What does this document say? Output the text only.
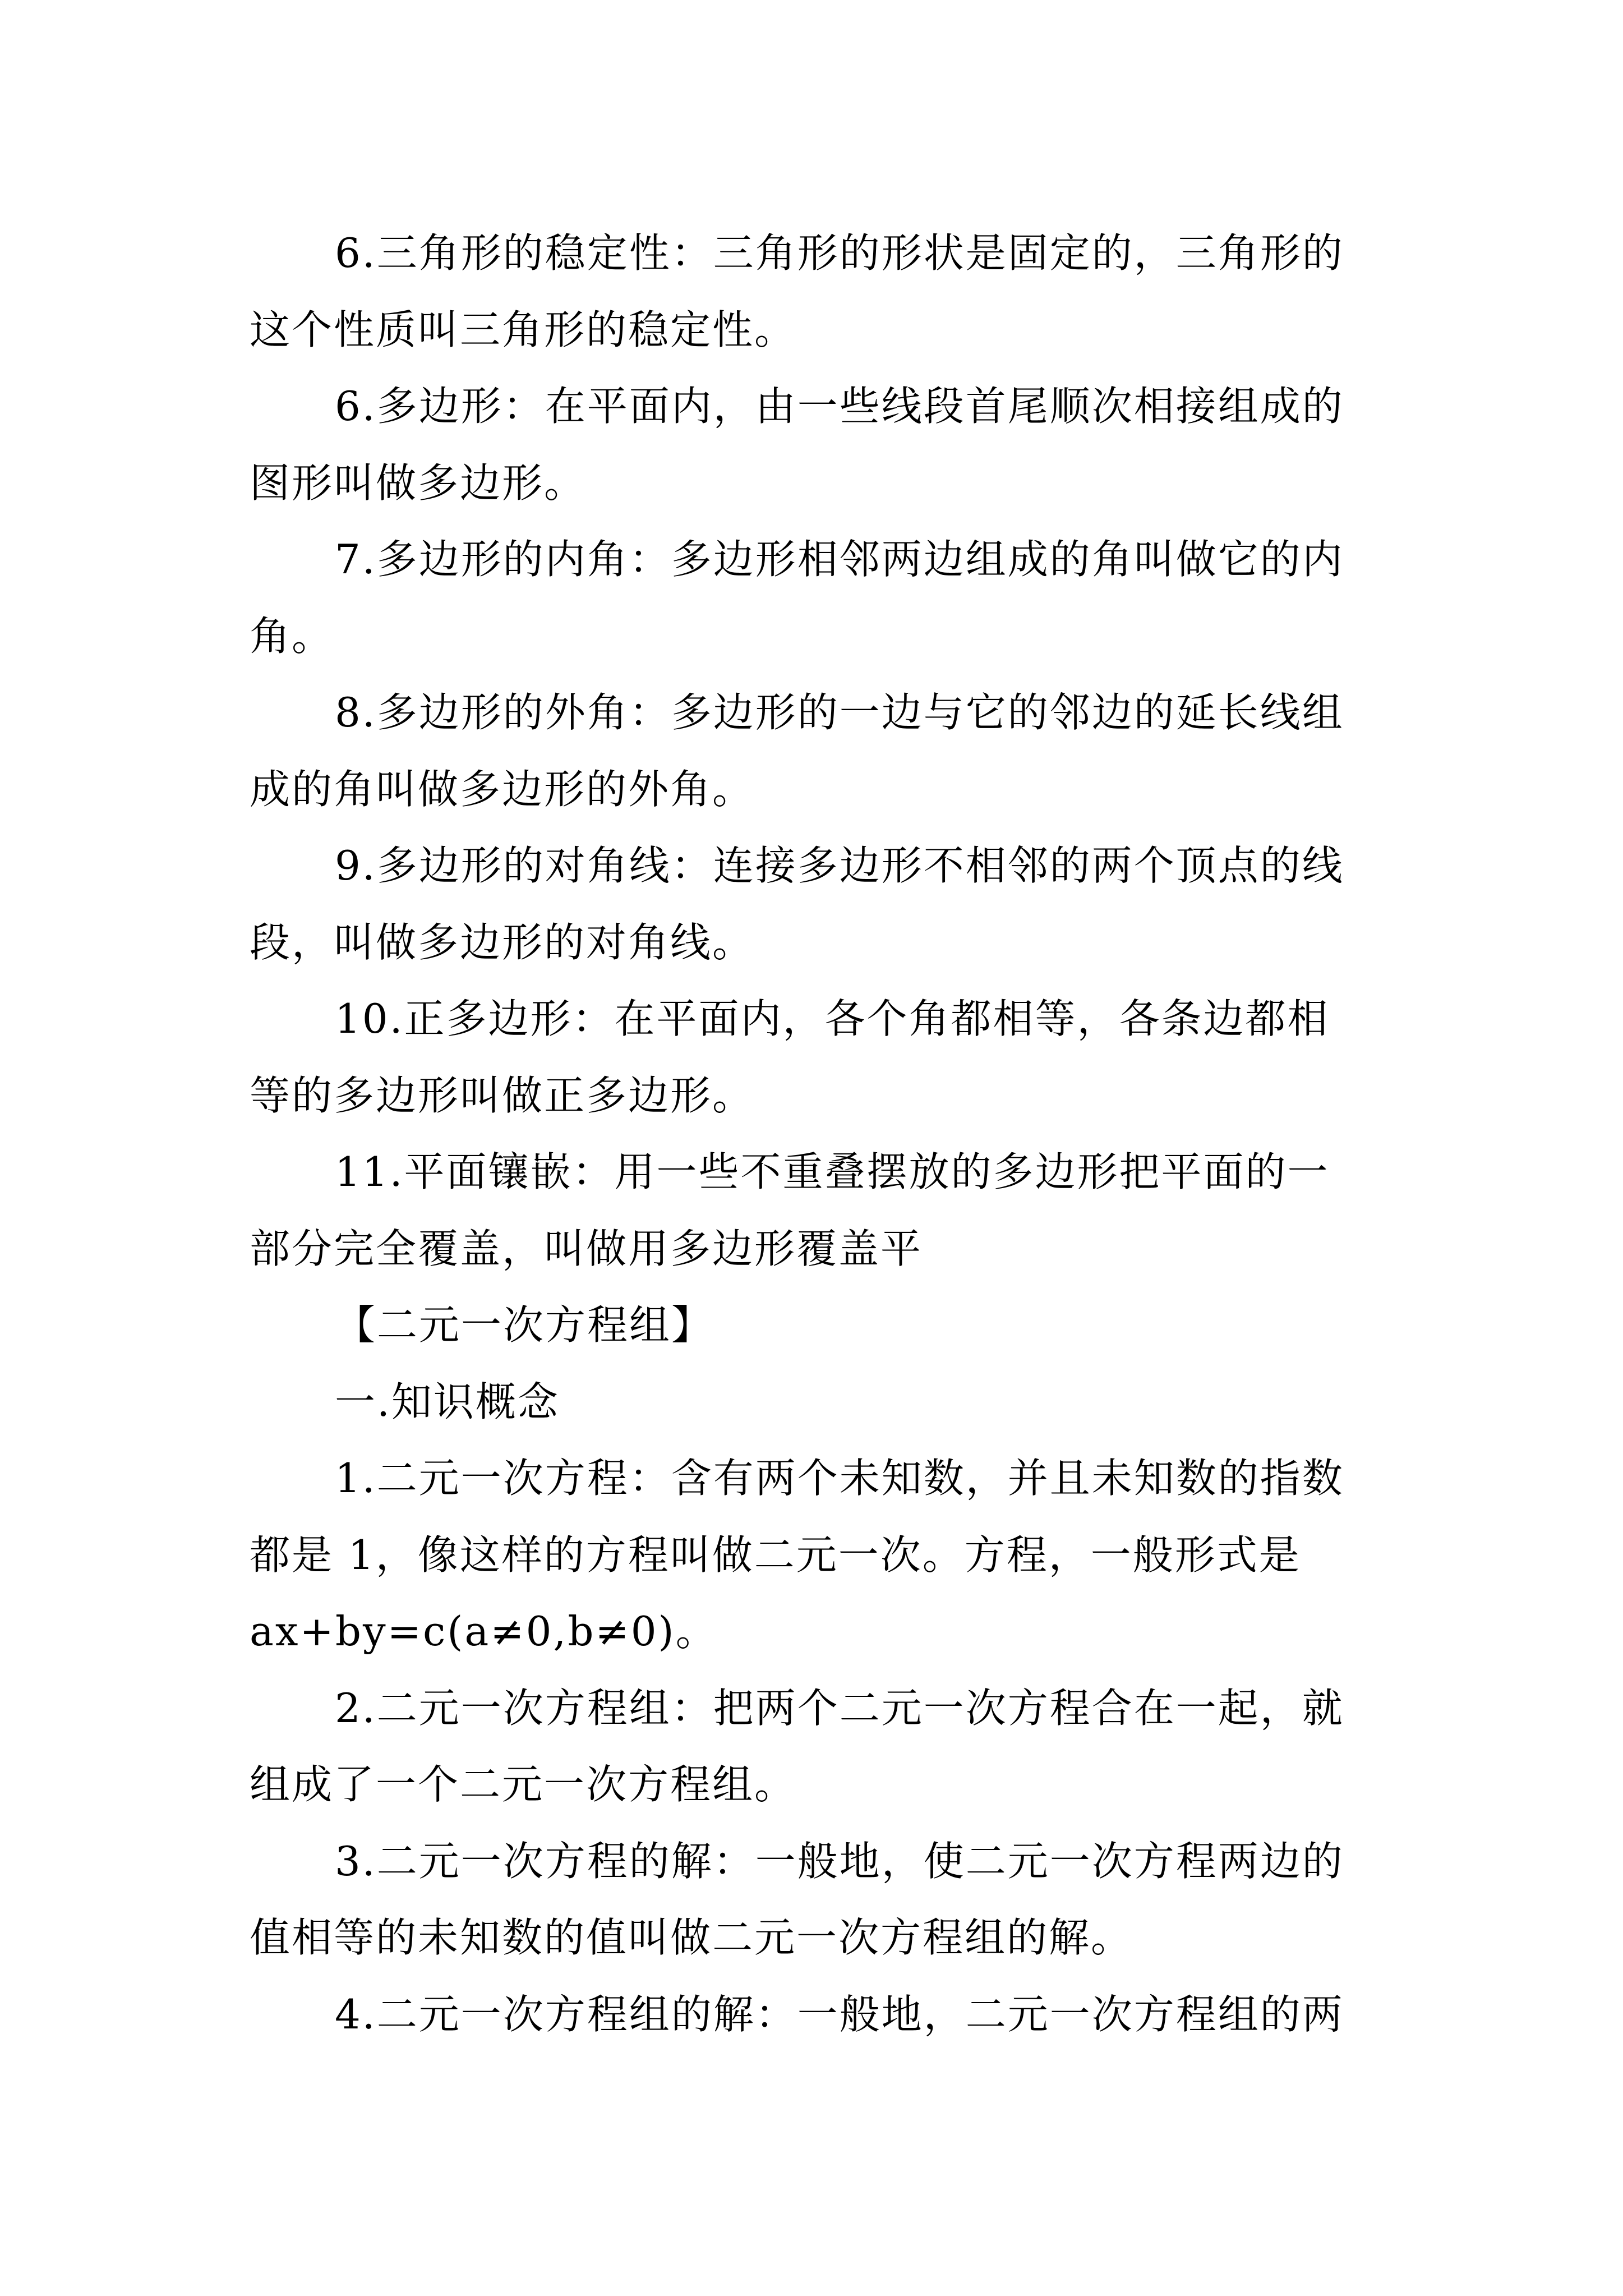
6.三角形的稳定性：三角形的形状是固定的，三角形的
这个性质叫三角形的稳定性。
6.多边形：在平面内，由一些线段首尾顺次相接组成的
图形叫做多边形。
7.多边形的内角：多边形相邻两边组成的角叫做它的内
角。
8.多边形的外角：多边形的一边与它的邻边的延长线组
成的角叫做多边形的外角。
9.多边形的对角线：连接多边形不相邻的两个顶点的线
段，叫做多边形的对角线。
10.正多边形：在平面内，各个角都相等，各条边都相
等的多边形叫做正多边形。
11.平面镶嵌：用一些不重叠摆放的多边形把平面的一
部分完全覆盖，叫做用多边形覆盖平
【二元一次方程组】
一.知识概念
1.二元一次方程：含有两个未知数，并且未知数的指数
都是 1，像这样的方程叫做二元一次。方程，一般形式是
ax+by=c(a≠0,b≠0)。
2.二元一次方程组：把两个二元一次方程合在一起，就
组成了一个二元一次方程组。
3.二元一次方程的解：一般地，使二元一次方程两边的
值相等的未知数的值叫做二元一次方程组的解。
4.二元一次方程组的解：一般地，二元一次方程组的两
